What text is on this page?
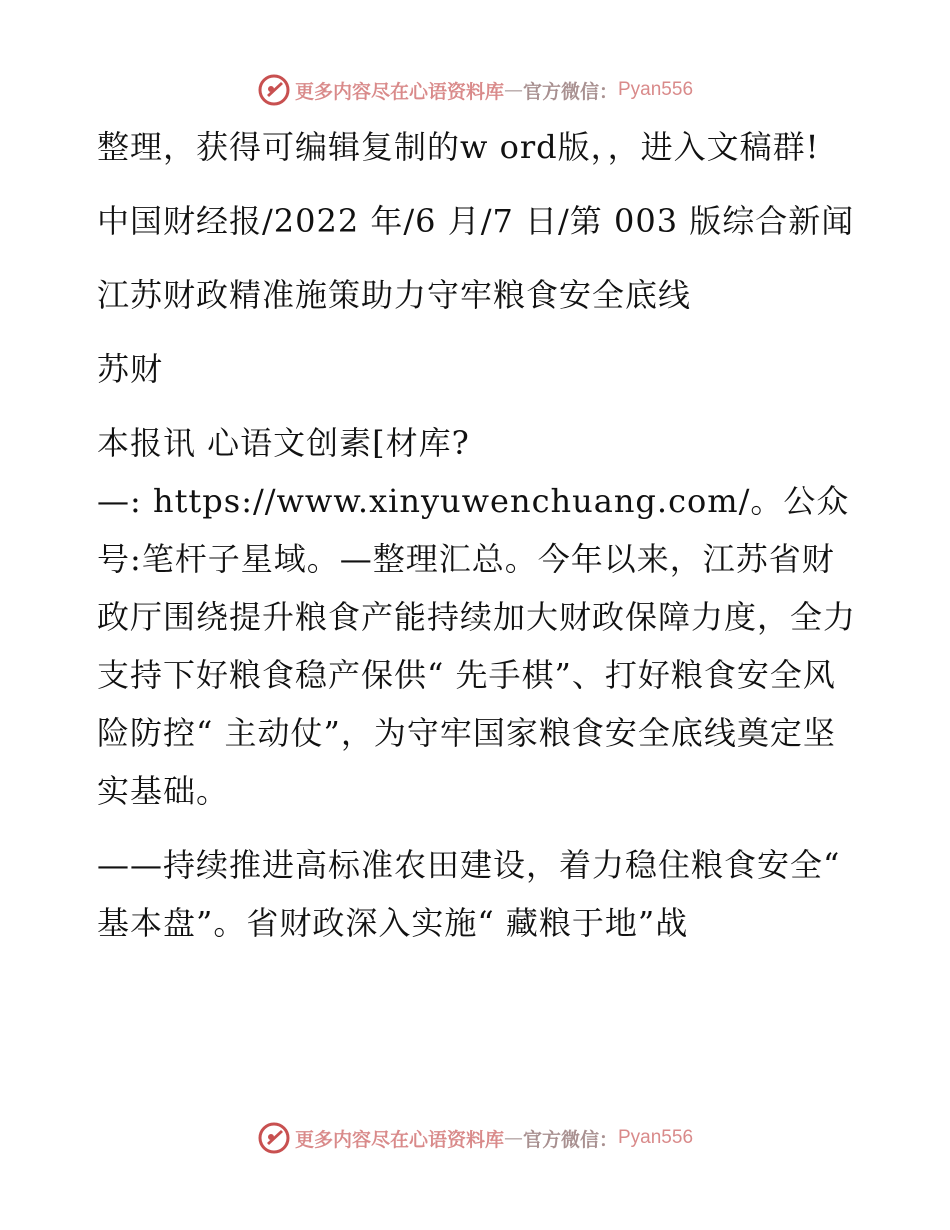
更多内容尽在心语资料库 — 官方微信： Pyan556

整理，获得可编辑复制的w ord版，，进入文稿群!

中国财经报/2022 年/6 月/7 日/第 003 版综合新闻

江苏财政精准施策助力守牢粮食安全底线

苏财

本报讯 心语文创素[材库?

—: https://www.xinyuwenchuang.com/。公众号:笔杆子星域。—整理汇总。今年以来，江苏省财政厅围绕提升粮食产能持续加大财政保障力度，全力支持下好粮食稳产保供“ 先手棋”、打好粮食安全风险防控“ 主动仗”，为守牢国家粮食安全底线奠定坚实基础。

——持续推进高标准农田建设，着力稳住粮食安全“ 基本盘”。省财政深入实施“ 藏粮于地”战

更多内容尽在心语资料库 — 官方微信： Pyan556
